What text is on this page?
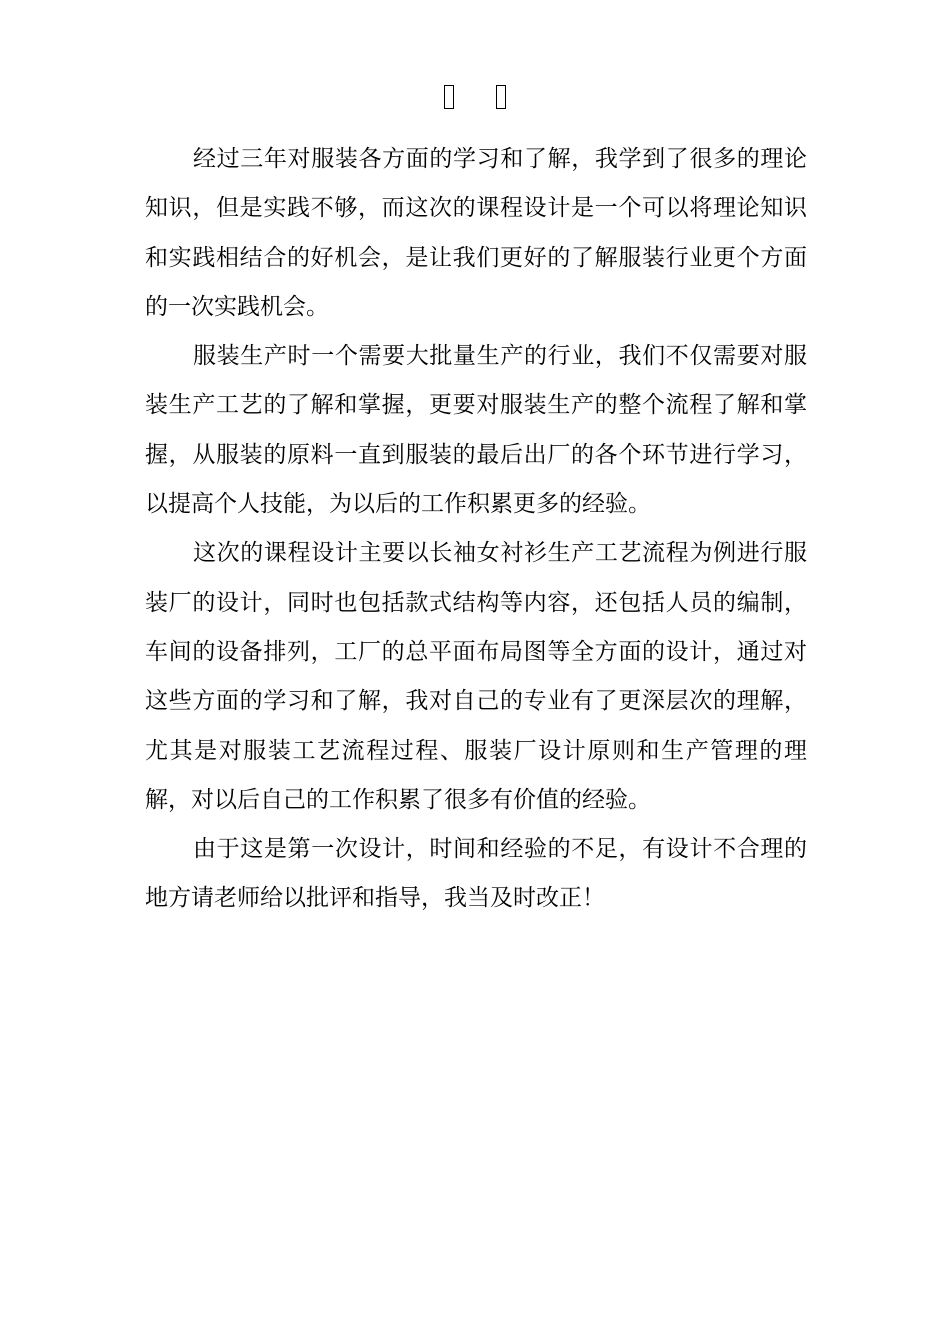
经过三年对服装各方面的学习和了解，我学到了很多的理论知识，但是实践不够，而这次的课程设计是一个可以将理论知识和实践相结合的好机会，是让我们更好的了解服装行业更个方面的一次实践机会。

服装生产时一个需要大批量生产的行业，我们不仅需要对服装生产工艺的了解和掌握，更要对服装生产的整个流程了解和掌握，从服装的原料一直到服装的最后出厂的各个环节进行学习，以提高个人技能，为以后的工作积累更多的经验。

这次的课程设计主要以长袖女衬衫生产工艺流程为例进行服装厂的设计，同时也包括款式结构等内容，还包括人员的编制，车间的设备排列，工厂的总平面布局图等全方面的设计，通过对这些方面的学习和了解，我对自己的专业有了更深层次的理解，尤其是对服装工艺流程过程、服装厂设计原则和生产管理的理解，对以后自己的工作积累了很多有价值的经验。

由于这是第一次设计，时间和经验的不足，有设计不合理的地方请老师给以批评和指导，我当及时改正！
